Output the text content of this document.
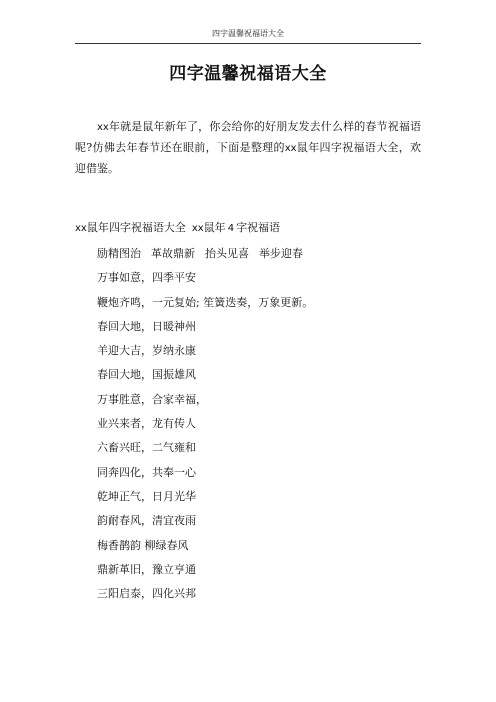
四字温馨祝福语大全
四字温馨祝福语大全

xx年就是鼠年新年了，你会给你的好朋友发去什么样的春节祝福语呢?仿佛去年春节还在眼前，下面是整理的xx鼠年四字祝福语大全，欢迎借鉴。

xx鼠年四字祝福语大全 xx鼠年 4 字祝福语
励精图治 革故鼎新 抬头见喜 举步迎春
万事如意，四季平安
鞭炮齐鸣，一元复始; 笙簧迭奏，万象更新。
春回大地，日暖神州
羊迎大吉，岁纳永康
春回大地，国振雄风
万事胜意，合家幸福，
业兴来者，龙有传人
六畜兴旺，二气雍和
同奔四化，共奉一心
乾坤正气，日月光华
韵耐春风，清宜夜雨
梅香鹊韵 柳绿春风
鼎新革旧，豫立亨通
三阳启泰，四化兴邦
